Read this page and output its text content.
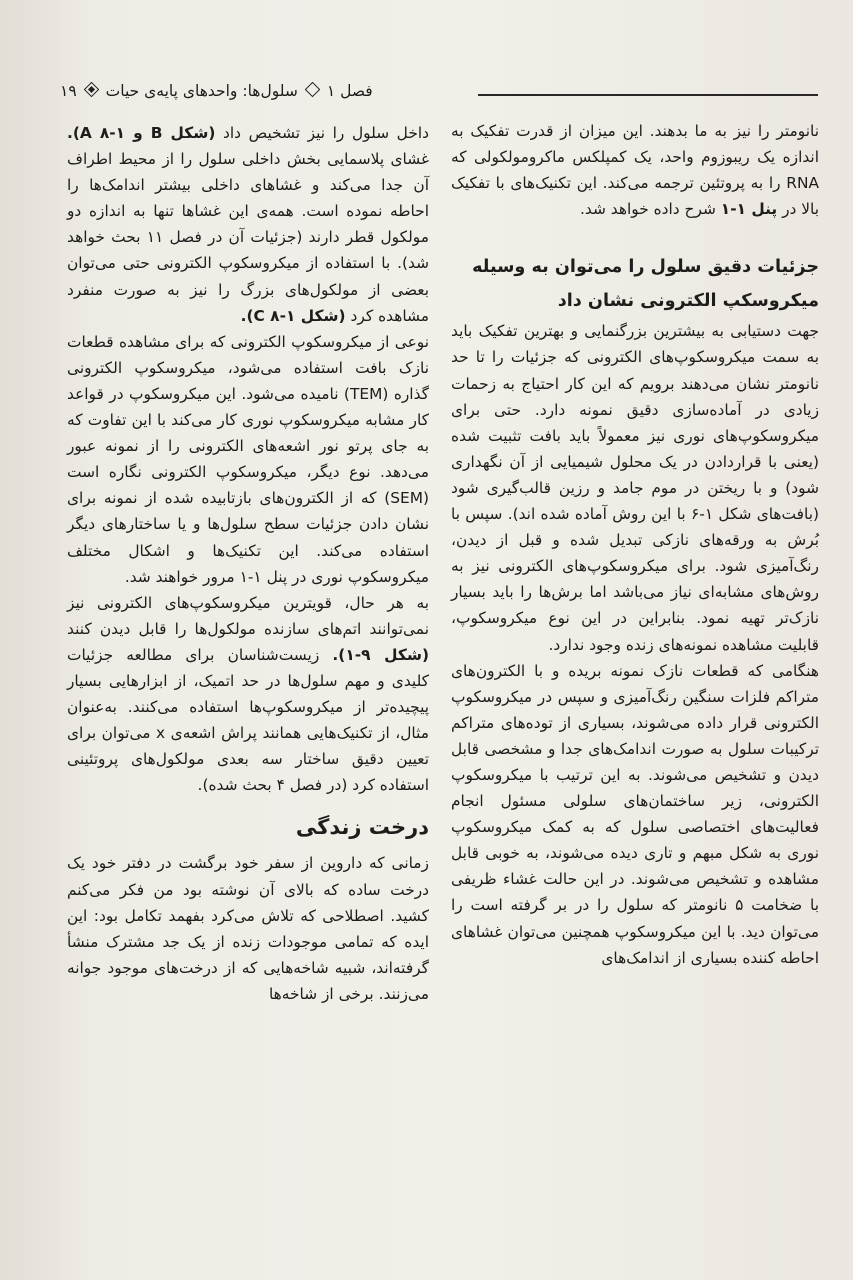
فصل ۱سلول‌ها: واحدهای پایه‌ی حیات۱۹

نانومتر را نیز به ما بدهند. این میزان از قدرت تفکیک به اندازه یک ریبوزوم واحد، یک کمپلکس ماکرومولکولی که RNA را به پروتئین ترجمه می‌کند. این تکنیک‌های با تفکیک بالا در پنل ۱-۱ شرح داده خواهد شد.

جزئیات دقیق سلول را می‌توان به وسیله میکروسکپ الکترونی نشان داد

جهت دستیابی به بیشترین بزرگنمایی و بهترین تفکیک باید به سمت میکروسکوپ‌های الکترونی که جزئیات را تا حد نانومتر نشان می‌دهند برویم که این کار احتیاج به زحمات زیادی در آماده‌سازی دقیق نمونه دارد. حتی برای میکروسکوپ‌های نوری نیز معمولاً باید بافت تثبیت شده (یعنی با قراردادن در یک محلول شیمیایی از آن نگهداری شود) و با ریختن در موم جامد و رزین قالب‌گیری شود (بافت‌های شکل ۱-۶ با این روش آماده شده اند). سپس با بُرش به ورقه‌های نازکی تبدیل شده و قبل از دیدن، رنگ‌آمیزی شود. برای میکروسکوپ‌های الکترونی نیز به روش‌های مشابه‌ای نیاز می‌باشد اما برش‌ها را باید بسیار نازک‌تر تهیه نمود. بنابراین در این نوع میکروسکوپ، قابلیت مشاهده نمونه‌های زنده وجود ندارد.

هنگامی که قطعات نازک نمونه بریده و با الکترون‌های متراکم فلزات سنگین رنگ‌آمیزی و سپس در میکروسکوپ الکترونی قرار داده می‌شوند، بسیاری از توده‌های متراکم ترکیبات سلول به صورت اندامک‌های جدا و مشخصی قابل دیدن و تشخیص می‌شوند. به این ترتیب با میکروسکوپ الکترونی، زیر ساختمان‌های سلولی مسئول انجام فعالیت‌های اختصاصی سلول که به کمک میکروسکوپ نوری به شکل مبهم و تاری دیده می‌شوند، به خوبی قابل مشاهده و تشخیص می‌شوند. در این حالت غشاء ظریفی با ضخامت ۵ نانومتر که سلول را در بر گرفته است را می‌توان دید. با این میکروسکوپ همچنین می‌توان غشاهای احاطه کننده بسیاری از اندامک‌های

داخل سلول را نیز تشخیص داد (شکل B و A ۸-۱). غشای پلاسمایی بخش داخلی سلول را از محیط اطراف آن جدا می‌کند و غشاهای داخلی بیشتر اندامک‌ها را احاطه نموده است. همه‌ی این غشاها تنها به اندازه دو مولکول قطر دارند (جزئیات آن در فصل ۱۱ بحث خواهد شد). با استفاده از میکروسکوپ الکترونی حتی می‌توان بعضی از مولکول‌های بزرگ را نیز به صورت منفرد مشاهده کرد (شکل C ۸-۱).

نوعی از میکروسکوپ الکترونی که برای مشاهده قطعات نازک بافت استفاده می‌شود، میکروسکوپ الکترونی گذاره (TEM) نامیده می‌شود. این میکروسکوپ در قواعد کار مشابه میکروسکوپ نوری کار می‌کند با این تفاوت که به جای پرتو نور اشعه‌های الکترونی را از نمونه عبور می‌دهد. نوع دیگر، میکروسکوپ الکترونی نگاره است (SEM) که از الکترون‌های بازتابیده شده از نمونه برای نشان دادن جزئیات سطح سلول‌ها و یا ساختارهای دیگر استفاده می‌کند. این تکنیک‌ها و اشکال مختلف میکروسکوپ نوری در پنل ۱-۱ مرور خواهند شد.

به هر حال، قویترین میکروسکوپ‌های الکترونی نیز نمی‌توانند اتم‌های سازنده مولکول‌ها را قابل دیدن کنند (شکل ۹-۱). زیست‌شناسان برای مطالعه جزئیات کلیدی و مهم سلول‌ها در حد اتمیک، از ابزارهایی بسیار پیچیده‌تر از میکروسکوپ‌ها استفاده می‌کنند. به‌عنوان مثال، از تکنیک‌هایی همانند پراش اشعه‌ی x می‌توان برای تعیین دقیق ساختار سه بعدی مولکول‌های پروتئینی استفاده کرد (در فصل ۴ بحث شده).

درخت زندگی

زمانی که داروین از سفر خود برگشت در دفتر خود یک درخت ساده که بالای آن نوشته بود من فکر می‌کنم کشید. اصطلاحی که تلاش می‌کرد بفهمد تکامل بود: این ایده که تمامی موجودات زنده از یک جد مشترک منشأ گرفته‌اند، شبیه شاخه‌هایی که از درخت‌های موجود جوانه می‌زنند. برخی از شاخه‌ها
